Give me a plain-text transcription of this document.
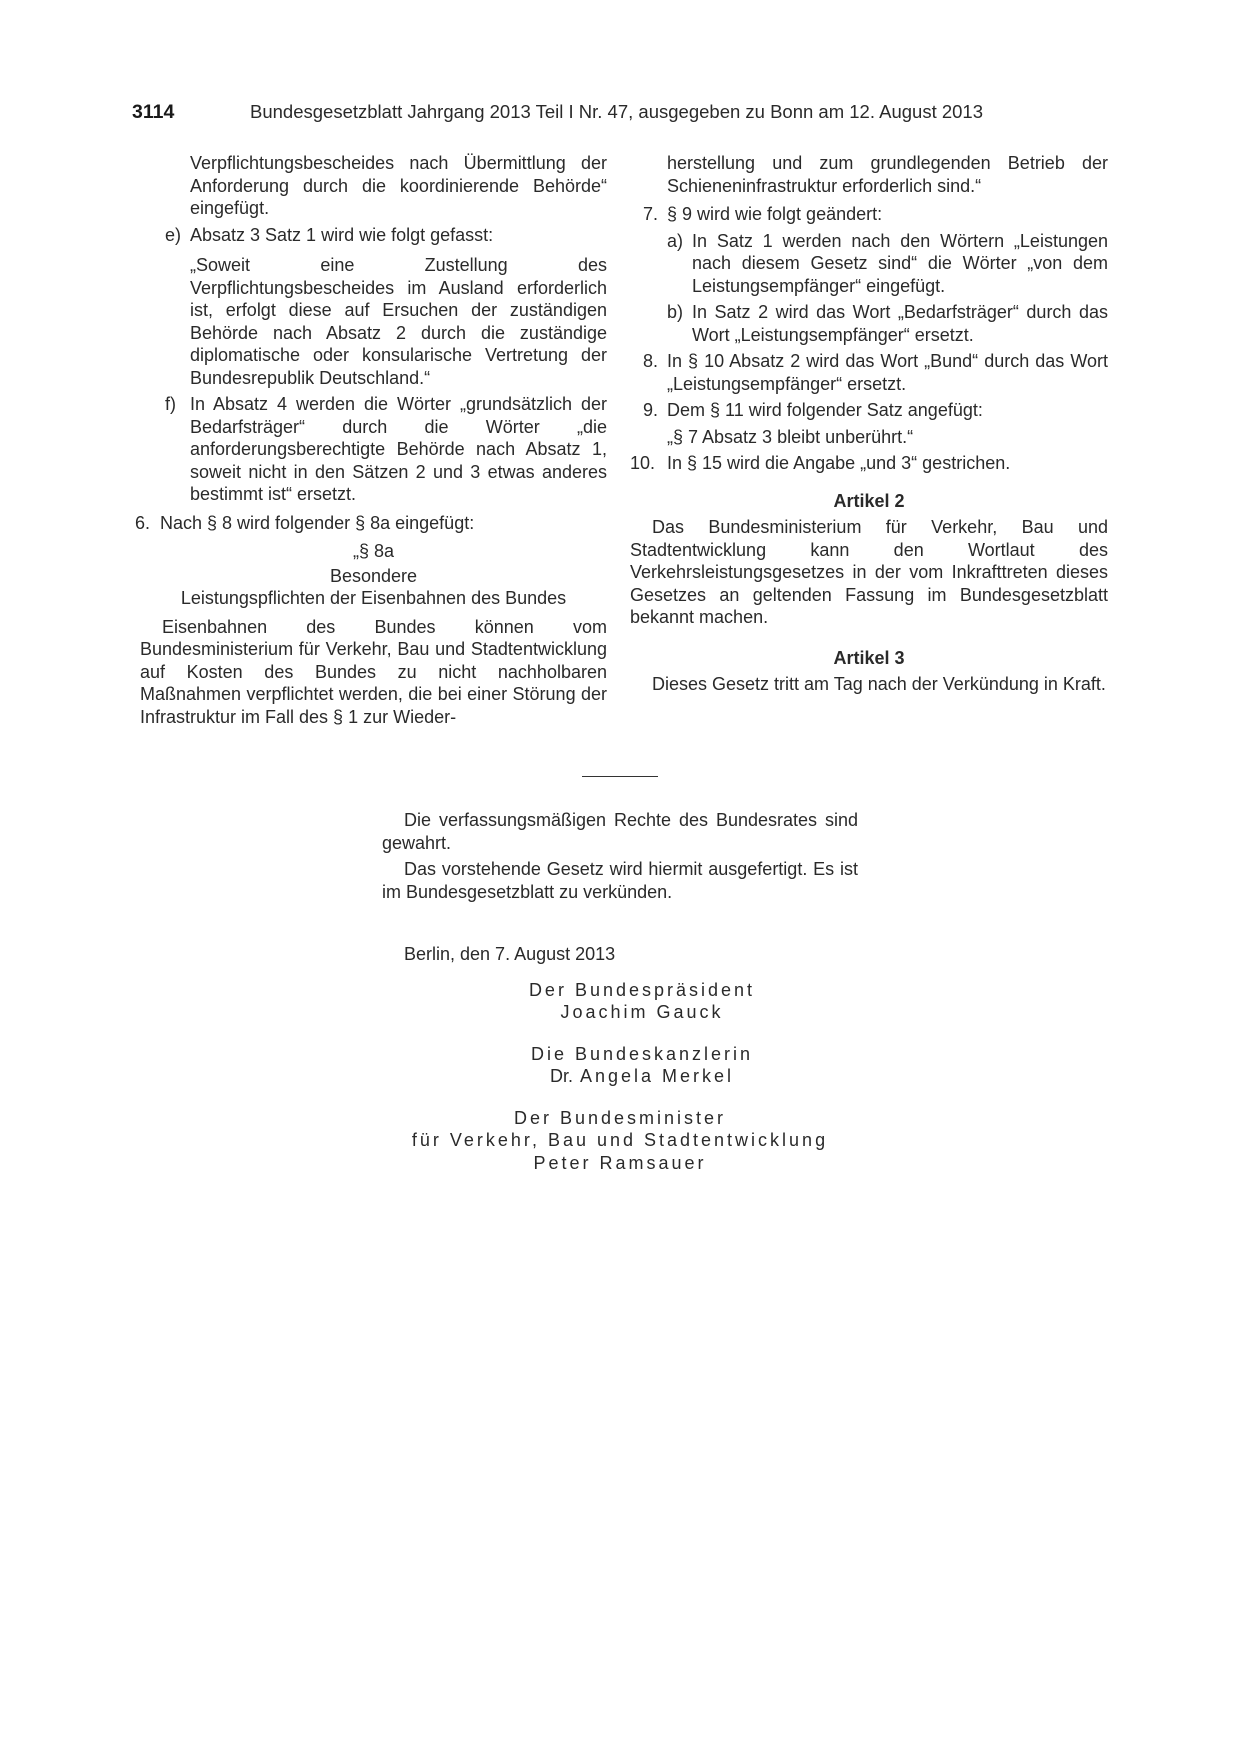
3114	Bundesgesetzblatt Jahrgang 2013 Teil I Nr. 47, ausgegeben zu Bonn am 12. August 2013

Verpflichtungsbescheides nach Übermittlung der Anforderung durch die koordinierende Behörde“ eingefügt.

e) Absatz 3 Satz 1 wird wie folgt gefasst:

„Soweit eine Zustellung des Verpflichtungsbescheides im Ausland erforderlich ist, erfolgt diese auf Ersuchen der zuständigen Behörde nach Absatz 2 durch die zuständige diplomatische oder konsularische Vertretung der Bundesrepublik Deutschland.“

f) In Absatz 4 werden die Wörter „grundsätzlich der Bedarfsträger“ durch die Wörter „die anforderungsberechtigte Behörde nach Absatz 1, soweit nicht in den Sätzen 2 und 3 etwas anderes bestimmt ist“ ersetzt.
6. Nach § 8 wird folgender § 8a eingefügt:

„§ 8a

Besondere

Leistungspflichten der Eisenbahnen des Bundes

Eisenbahnen des Bundes können vom Bundesministerium für Verkehr, Bau und Stadtentwicklung auf Kosten des Bundes zu nicht nachholbaren Maßnahmen verpflichtet werden, die bei einer Störung der Infrastruktur im Fall des § 1 zur Wieder-

herstellung und zum grundlegenden Betrieb der Schieneninfrastruktur erforderlich sind.“

7. § 9 wird wie folgt geändert:
a) In Satz 1 werden nach den Wörtern „Leistungen nach diesem Gesetz sind“ die Wörter „von dem Leistungsempfänger“ eingefügt.
b) In Satz 2 wird das Wort „Bedarfsträger“ durch das Wort „Leistungsempfänger“ ersetzt.
8. In § 10 Absatz 2 wird das Wort „Bund“ durch das Wort „Leistungsempfänger“ ersetzt.
9. Dem § 11 wird folgender Satz angefügt:

„§ 7 Absatz 3 bleibt unberührt.“

10. In § 15 wird die Angabe „und 3“ gestrichen.

Artikel 2

Das Bundesministerium für Verkehr, Bau und Stadtentwicklung kann den Wortlaut des Verkehrsleistungsgesetzes in der vom Inkrafttreten dieses Gesetzes an geltenden Fassung im Bundesgesetzblatt bekannt machen.

Artikel 3

Dieses Gesetz tritt am Tag nach der Verkündung in Kraft.

Die verfassungsmäßigen Rechte des Bundesrates sind gewahrt.

Das vorstehende Gesetz wird hiermit ausgefertigt. Es ist im Bundesgesetzblatt zu verkünden.

Berlin, den 7. August 2013

Der Bundespräsident
Joachim Gauck
Die Bundeskanzlerin
Dr. Angela Merkel
Der Bundesminister
für Verkehr, Bau und Stadtentwicklung
Peter Ramsauer
